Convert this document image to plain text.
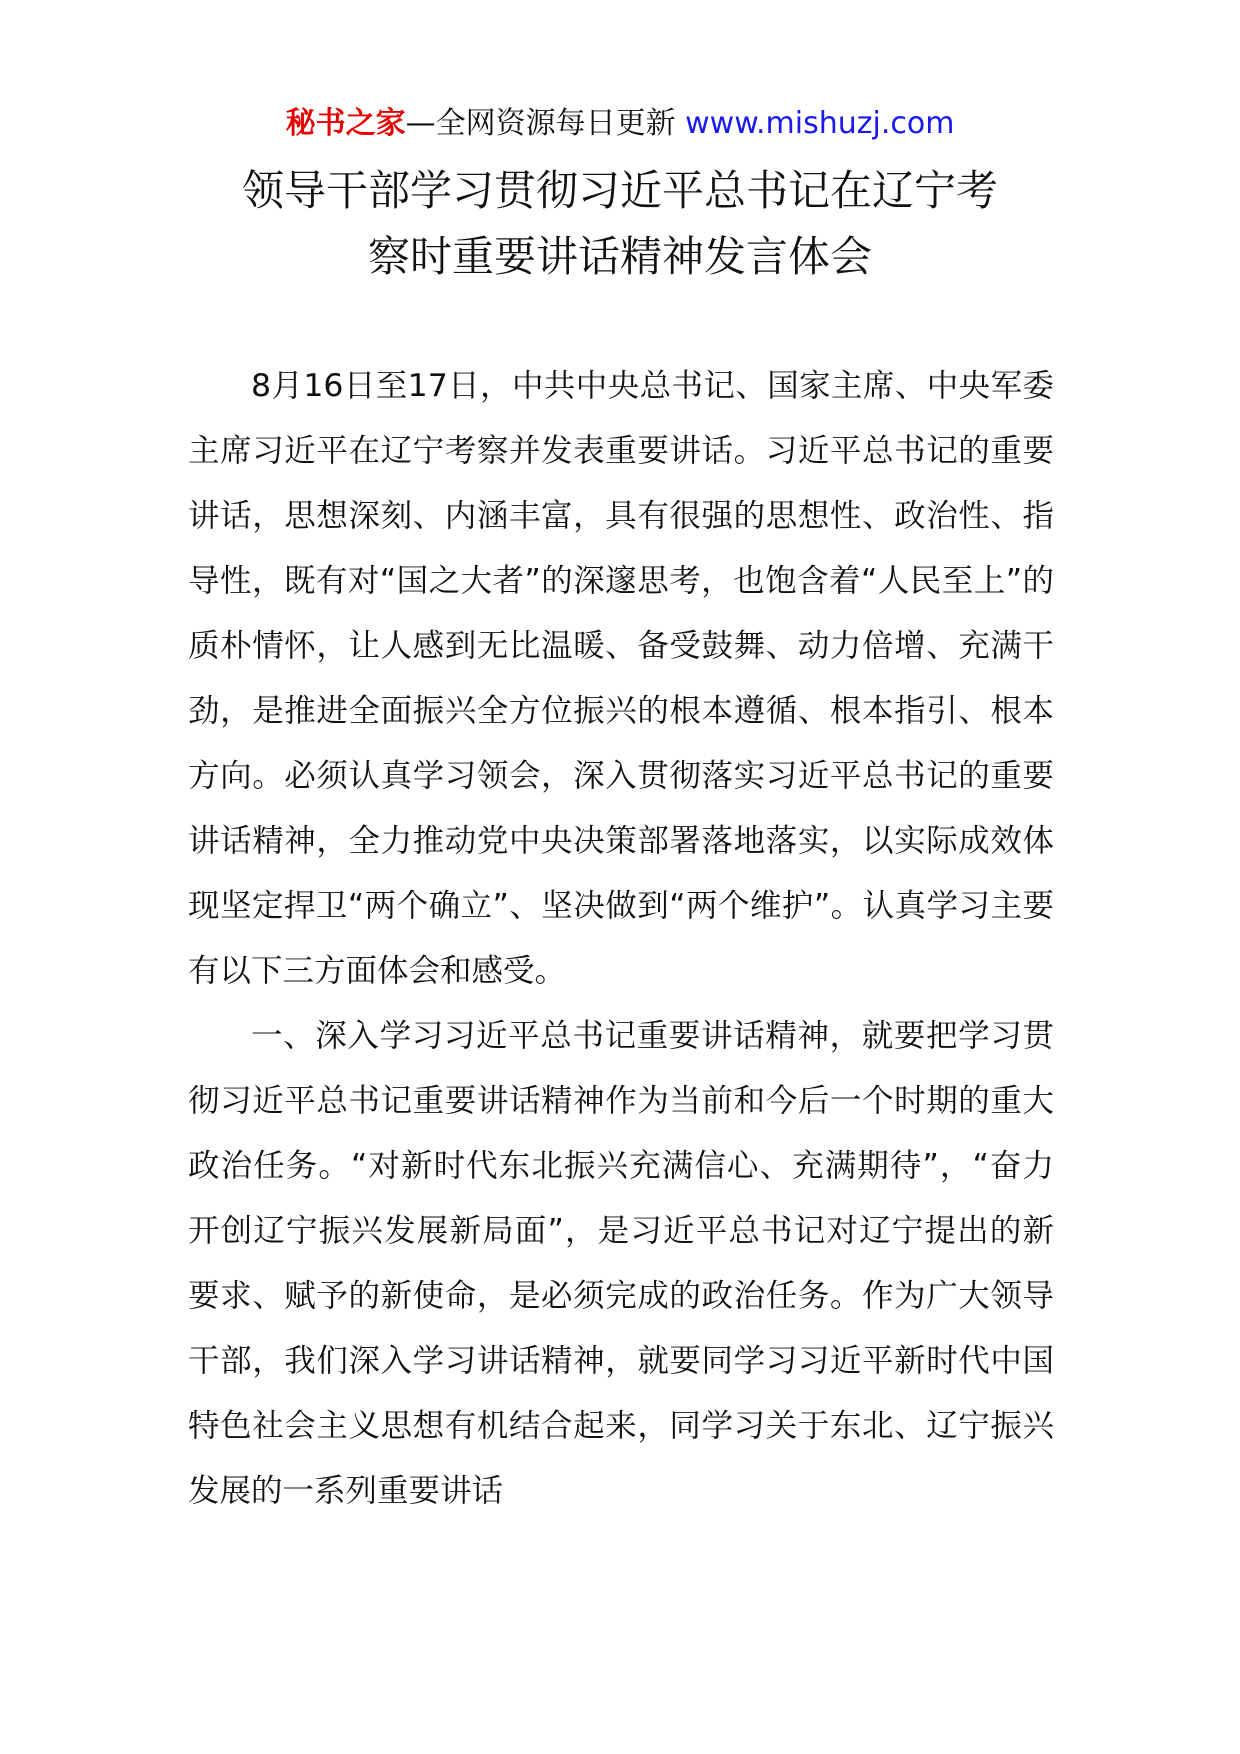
秘书之家—全网资源每日更新 www.mishuzj.com
领导干部学习贯彻习近平总书记在辽宁考
察时重要讲话精神发言体会

8月16日至17日，中共中央总书记、国家主席、中央军委主席习近平在辽宁考察并发表重要讲话。习近平总书记的重要讲话，思想深刻、内涵丰富，具有很强的思想性、政治性、指导性，既有对“国之大者”的深邃思考，也饱含着“人民至上”的质朴情怀，让人感到无比温暖、备受鼓舞、动力倍增、充满干劲，是推进全面振兴全方位振兴的根本遵循、根本指引、根本方向。必须认真学习领会，深入贯彻落实习近平总书记的重要讲话精神，全力推动党中央决策部署落地落实，以实际成效体现坚定捍卫“两个确立”、坚决做到“两个维护”。认真学习主要有以下三方面体会和感受。

一、深入学习习近平总书记重要讲话精神，就要把学习贯彻习近平总书记重要讲话精神作为当前和今后一个时期的重大政治任务。“对新时代东北振兴充满信心、充满期待”，“奋力开创辽宁振兴发展新局面”，是习近平总书记对辽宁提出的新要求、赋予的新使命，是必须完成的政治任务。作为广大领导干部，我们深入学习讲话精神，就要同学习习近平新时代中国特色社会主义思想有机结合起来，同学习关于东北、辽宁振兴发展的一系列重要讲话
